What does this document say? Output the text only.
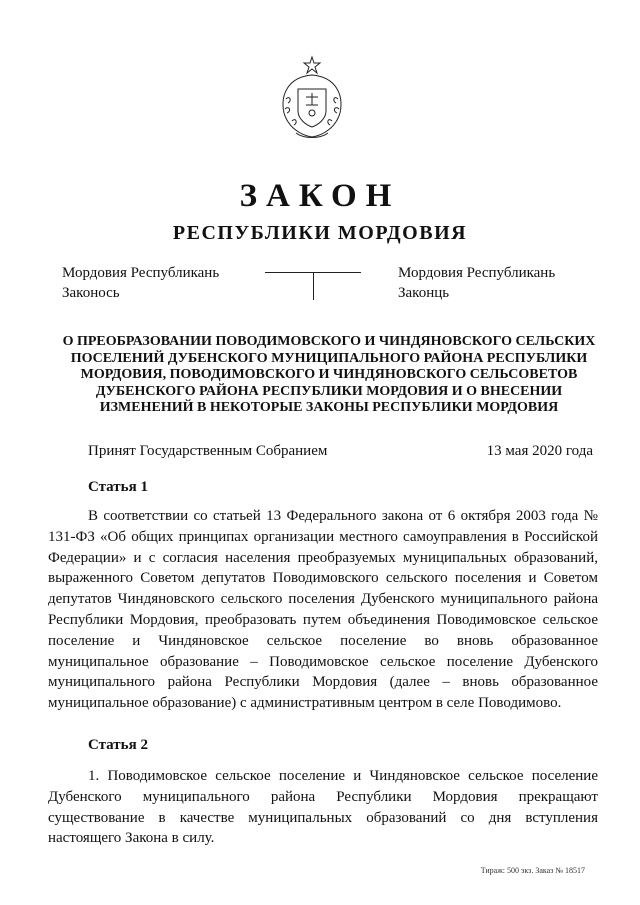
ЗАКОН
РЕСПУБЛИКИ МОРДОВИЯ
Мордовия Республикань
Законось
Мордовия Республикань
Законць
О ПРЕОБРАЗОВАНИИ ПОВОДИМОВСКОГО И ЧИНДЯНОВСКОГО СЕЛЬСКИХ ПОСЕЛЕНИЙ ДУБЕНСКОГО МУНИЦИПАЛЬНОГО РАЙОНА РЕСПУБЛИКИ МОРДОВИЯ, ПОВОДИМОВСКОГО И ЧИНДЯНОВСКОГО СЕЛЬСОВЕТОВ ДУБЕНСКОГО РАЙОНА РЕСПУБЛИКИ МОРДОВИЯ И О ВНЕСЕНИИ ИЗМЕНЕНИЙ В НЕКОТОРЫЕ ЗАКОНЫ РЕСПУБЛИКИ МОРДОВИЯ
Принят Государственным Собранием	13 мая 2020 года
Статья 1
В соответствии со статьей 13 Федерального закона от 6 октября 2003 года № 131-ФЗ «Об общих принципах организации местного самоуправления в Российской Федерации» и с согласия населения преобразуемых муниципальных образований, выраженного Советом депутатов Поводимовского сельского поселения и Советом депутатов Чиндяновского сельского поселения Дубенского муниципального района Республики Мордовия, преобразовать путем объединения Поводимовское сельское поселение и Чиндяновское сельское поселение во вновь образованное муниципальное образование – Поводимовское сельское поселение Дубенского муниципального района Республики Мордовия (далее – вновь образованное муниципальное образование) с административным центром в селе Поводимово.
Статья 2
1. Поводимовское сельское поселение и Чиндяновское сельское поселение Дубенского муниципального района Республики Мордовия прекращают существование в качестве муниципальных образований со дня вступления настоящего Закона в силу.
Тираж: 500 экз. Заказ № 18517
